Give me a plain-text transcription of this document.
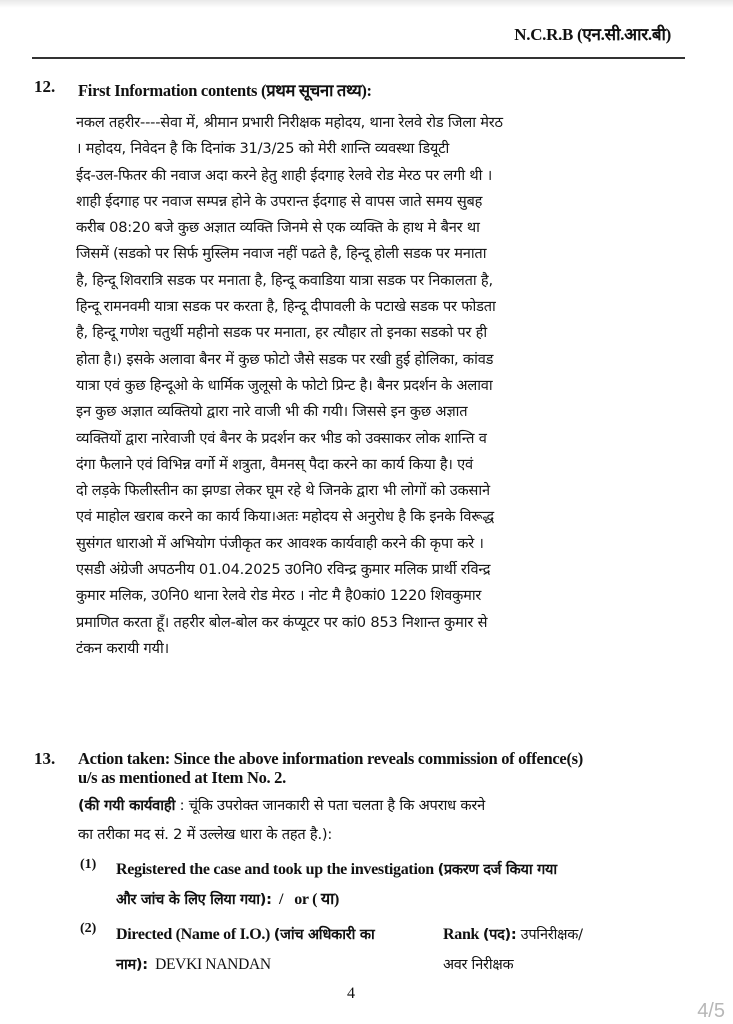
N.C.R.B (एन.सी.आर.बी)
12. First Information contents (प्रथम सूचना तथ्य):
नकल तहरीर----सेवा में, श्रीमान प्रभारी निरीक्षक महोदय, थाना रेलवे रोड जिला मेरठ
। महोदय, निवेदन है कि दिनांक 31/3/25 को मेरी शान्ति व्यवस्था डियूटी
ईद-उल-फितर की नवाज अदा करने हेतु शाही ईदगाह रेलवे रोड मेरठ पर लगी थी ।
शाही ईदगाह पर नवाज सम्पन्न होने के उपरान्त ईदगाह से वापस जाते समय सुबह
करीब 08:20 बजे कुछ अज्ञात व्यक्ति जिनमे से एक व्यक्ति के हाथ मे बैनर था
जिसमें (सडको पर सिर्फ मुस्लिम नवाज नहीं पढते है, हिन्दू होली सडक पर मनाता
है, हिन्दू शिवरात्रि सडक पर मनाता है, हिन्दू कवाडिया यात्रा सडक पर निकालता है,
हिन्दू रामनवमी यात्रा सडक पर करता है, हिन्दू दीपावली के पटाखे सडक पर फोडता
है, हिन्दू गणेश चतुर्थी महीनो सडक पर मनाता, हर त्यौहार तो इनका सडको पर ही
होता है।) इसके अलावा बैनर में कुछ फोटो जैसे सडक पर रखी हुई होलिका, कांवड
यात्रा एवं कुछ हिन्दूओ के धार्मिक जुलूसो के फोटो प्रिन्ट है। बैनर प्रदर्शन के अलावा
इन कुछ अज्ञात व्यक्तियो द्वारा नारे वाजी भी की गयी। जिससे इन कुछ अज्ञात
व्यक्तियों द्वारा नारेवाजी एवं बैनर के प्रदर्शन कर भीड को उक्साकर लोक शान्ति व
दंगा फैलाने एवं विभिन्न वर्गो में शत्रुता, वैमनस् पैदा करने का कार्य किया है। एवं
दो लड़के फिलीस्तीन का झण्डा लेकर घूम रहे थे जिनके द्वारा भी लोगों को उकसाने
एवं माहोल खराब करने का कार्य किया।अतः महोदय से अनुरोध है कि इनके विरूद्ध
सुसंगत धाराओ में अभियोग पंजीकृत कर आवश्क कार्यवाही करने की कृपा करे ।
एसडी अंग्रेजी अपठनीय 01.04.2025 उ0नि0 रविन्द्र कुमार मलिक प्रार्थी रविन्द्र
कुमार मलिक, उ0नि0 थाना रेलवे रोड मेरठ । नोट मै है0कां0 1220 शिवकुमार
प्रमाणित करता हूँ। तहरीर बोल-बोल कर कंप्यूटर पर कां0 853 निशान्त कुमार से
टंकन करायी गयी।
13. Action taken: Since the above information reveals commission of offence(s)
u/s as mentioned at Item No. 2.
(की गयी कार्यवाही : चूंकि उपरोक्त जानकारी से पता चलता है कि अपराध करने
का तरीका मद सं. 2 में उल्लेख धारा के तहत है.):
(1) Registered the case and took up the investigation (प्रकरण दर्ज किया गया
और जांच के लिए लिया गया):  /   or ( या)
(2) Directed (Name of I.O.) (जांच अधिकारी का
नाम): DEVKI NANDAN
Rank (पद): उपनिरीक्षक/
अवर निरीक्षक
4
4/5
